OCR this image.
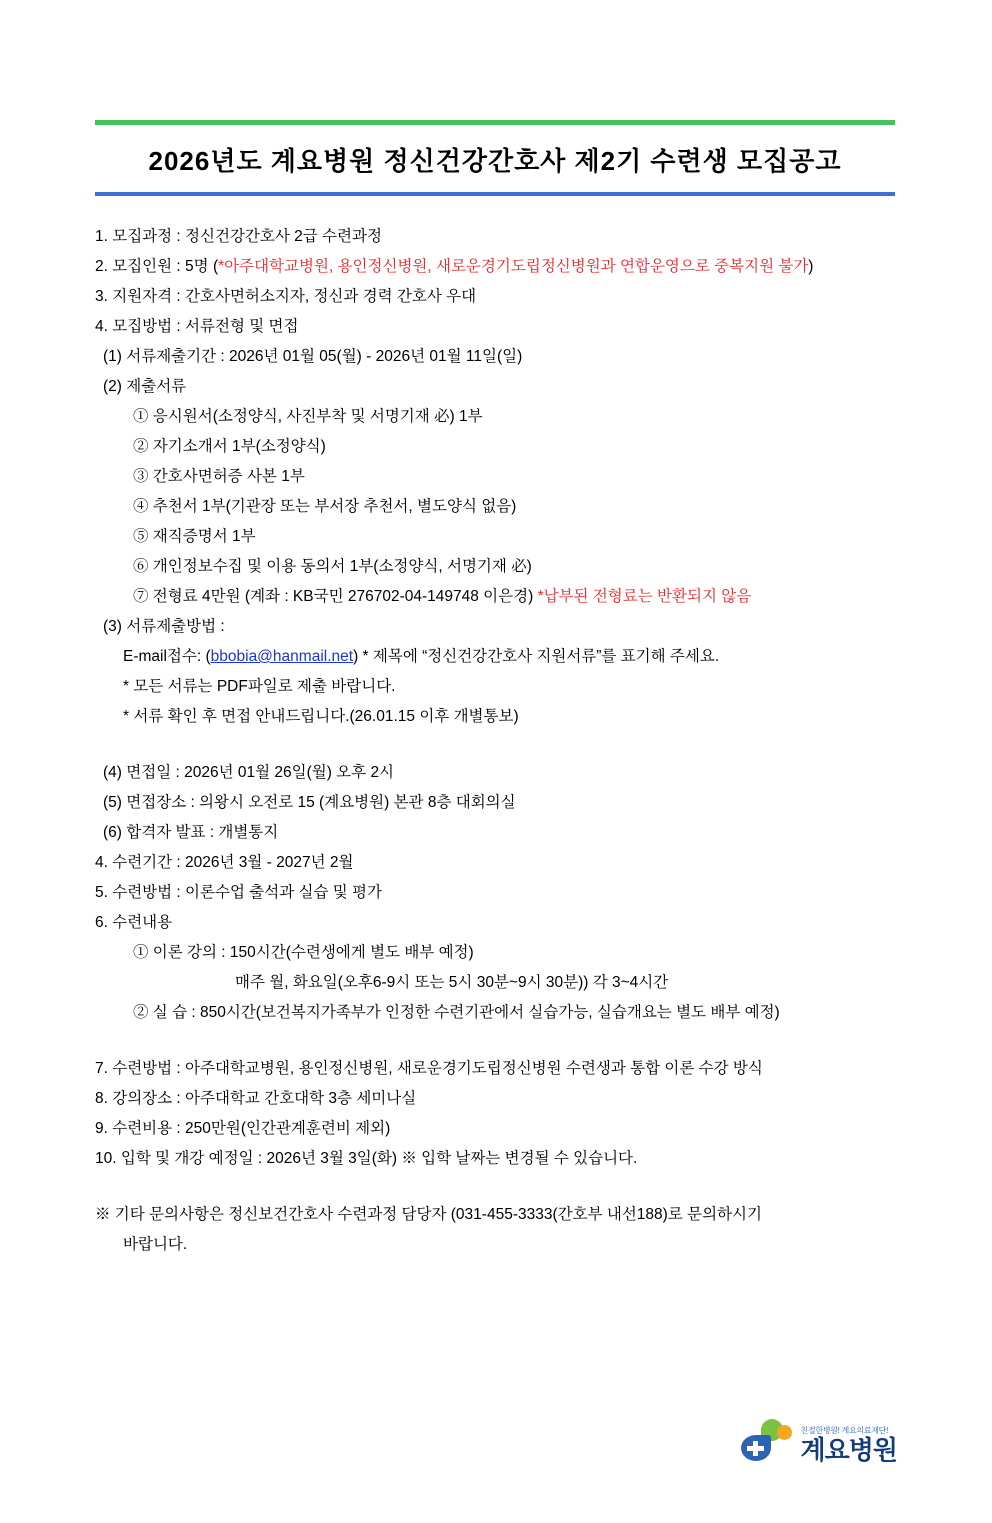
2026년도 계요병원 정신건강간호사 제2기 수련생 모집공고
1. 모집과정 : 정신건강간호사 2급 수련과정
2. 모집인원 : 5명 (*아주대학교병원, 용인정신병원, 새로운경기도립정신병원과 연합운영으로 중복지원 불가)
3. 지원자격 : 간호사면허소지자, 정신과 경력 간호사 우대
4. 모집방법 : 서류전형 및 면접
(1) 서류제출기간 : 2026년 01월 05(월) - 2026년 01월 11일(일)
(2) 제출서류
① 응시원서(소정양식, 사진부착 및 서명기재 必) 1부
② 자기소개서 1부(소정양식)
③ 간호사면허증 사본 1부
④ 추천서 1부(기관장 또는 부서장 추천서, 별도양식 없음)
⑤ 재직증명서 1부
⑥ 개인정보수집 및 이용 동의서 1부(소정양식, 서명기재 必)
⑦ 전형료 4만원 (계좌 : KB국민 276702-04-149748 이은경) *납부된 전형료는 반환되지 않음
(3) 서류제출방법 :
E-mail접수: (bbobia@hanmail.net) * 제목에 “정신건강간호사 지원서류”를 표기해 주세요.
* 모든 서류는 PDF파일로 제출 바랍니다.
* 서류 확인 후 면접 안내드립니다.(26.01.15 이후 개별통보)
(4) 면접일 : 2026년 01월 26일(월) 오후 2시
(5) 면접장소 : 의왕시 오전로 15 (계요병원) 본관 8층 대회의실
(6) 합격자 발표 : 개별통지
4. 수련기간 : 2026년 3월 - 2027년 2월
5. 수련방법 : 이론수업 출석과 실습 및 평가
6. 수련내용
① 이론 강의 : 150시간(수련생에게 별도 배부 예정)
매주 월, 화요일(오후6-9시 또는 5시 30분~9시 30분)) 각 3~4시간
② 실 습 : 850시간(보건복지가족부가 인정한 수련기관에서 실습가능, 실습개요는 별도 배부 예정)
7. 수련방법 : 아주대학교병원, 용인정신병원, 새로운경기도립정신병원 수련생과 통합 이론 수강 방식
8. 강의장소 : 아주대학교 간호대학 3층 세미나실
9. 수련비용 : 250만원(인간관계훈련비 제외)
10. 입학 및 개강 예정일 : 2026년 3월 3일(화) ※ 입학 날짜는 변경될 수 있습니다.
※ 기타 문의사항은 정신보건간호사 수련과정 담당자 (031-455-3333(간호부 내선188)로 문의하시기
바랍니다.
친절한병원! 계요의료재단!
계요병원
